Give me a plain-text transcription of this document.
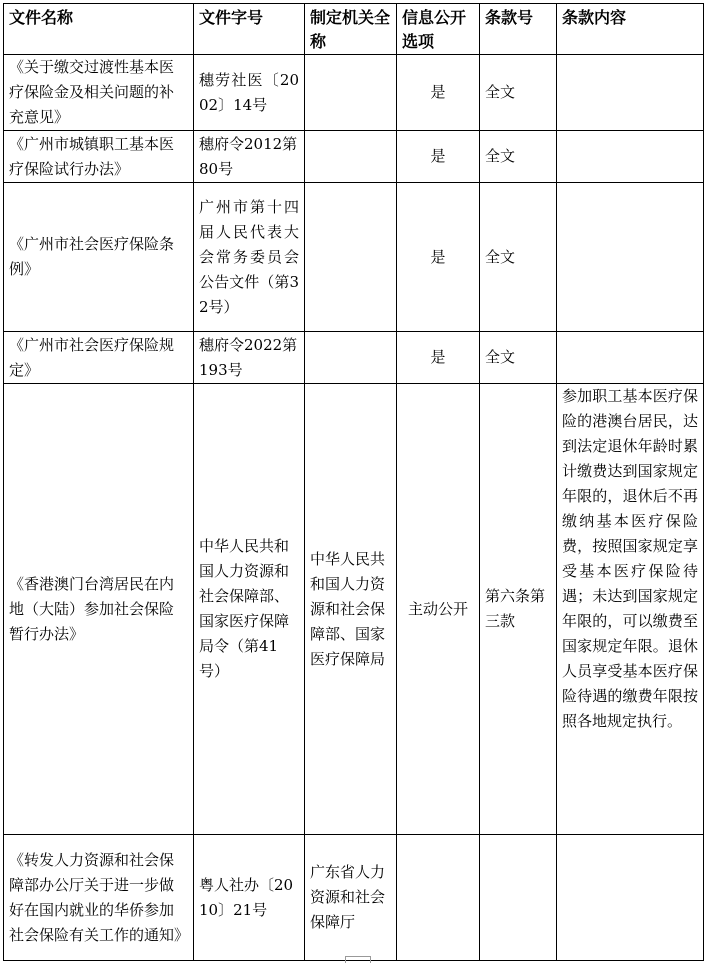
文件名称	文件字号	制定机关全称	信息公开选项	条款号	条款内容
《关于缴交过渡性基本医疗保险金及相关问题的补充意见》	穗劳社医〔2002〕14号		是	全文	
《广州市城镇职工基本医疗保险试行办法》	穗府令2012第80号		是	全文	
《广州市社会医疗保险条例》	广州市第十四届人民代表大会常务委员会公告文件（第32号）		是	全文	
《广州市社会医疗保险规定》	穗府令2022第193号		是	全文	
《香港澳门台湾居民在内地（大陆）参加社会保险暂行办法》	中华人民共和国人力资源和社会保障部、国家医疗保障局令（第41号）	中华人民共和国人力资源和社会保障部、国家医疗保障局	主动公开	第六条第三款	参加职工基本医疗保险的港澳台居民，达到法定退休年龄时累计缴费达到国家规定年限的，退休后不再缴纳基本医疗保险费，按照国家规定享受基本医疗保险待遇；未达到国家规定年限的，可以缴费至国家规定年限。退休人员享受基本医疗保险待遇的缴费年限按照各地规定执行。
《转发人力资源和社会保障部办公厅关于进一步做好在国内就业的华侨参加社会保险有关工作的通知》	粤人社办〔2010〕21号	广东省人力资源和社会保障厅			
